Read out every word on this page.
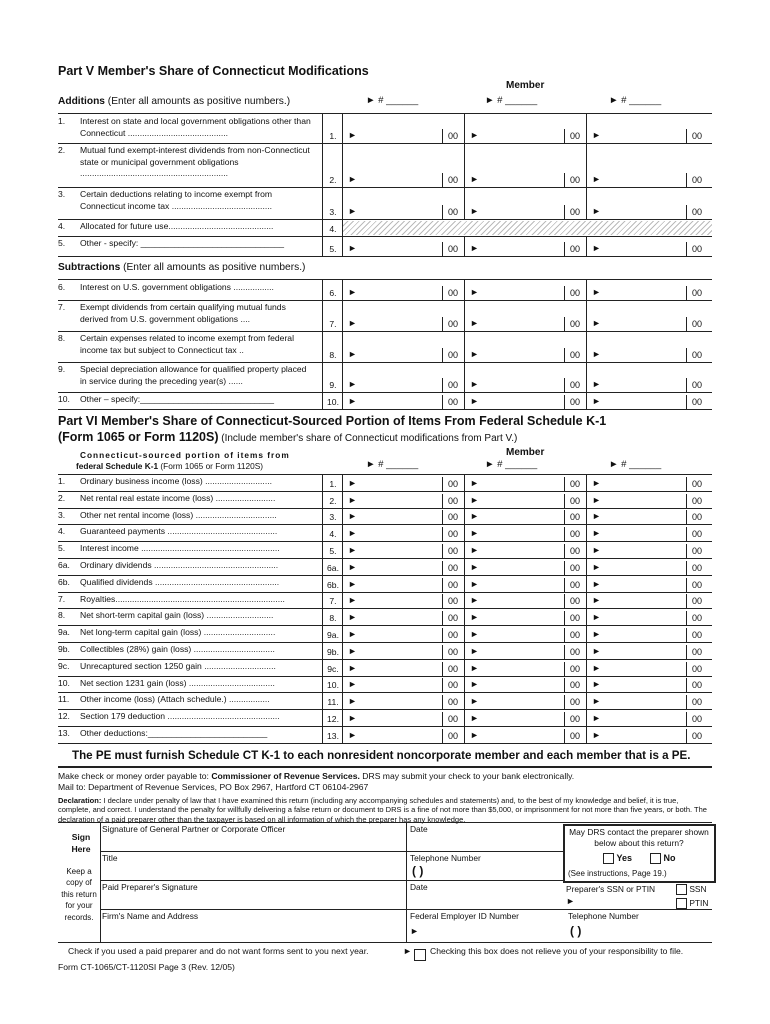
Part V Member's Share of Connecticut Modifications
Member
Additions (Enter all amounts as positive numbers.)
Part VI Member's Share of Connecticut-Sourced Portion of Items From Federal Schedule K-1
(Form 1065 or Form 1120S) (Include member's share of Connecticut modifications from Part V.)
Connecticut-sourced portion of items from
federal Schedule K-1 (Form 1065 or Form 1120S)
Member
The PE must furnish Schedule CT K-1 to each nonresident noncorporate member and each member that is a PE.
Make check or money order payable to: Commissioner of Revenue Services. DRS may submit your check to your bank electronically.
Mail to: Department of Revenue Services, PO Box 2967, Hartford CT 06104-2967
Declaration: I declare under penalty of law that I have examined this return (including any accompanying schedules and statements) and, to the best of my knowledge and belief, it is true, complete, and correct. I understand the penalty for willfully delivering a false return or document to DRS is a fine of not more than $5,000, or imprisonment for not more than five years, or both. The declaration of a paid preparer other than the taxpayer is based on all information of which the preparer has any knowledge.
Sign Here
Keep a copy of this return for your records.
Signature of General Partner or Corporate Officer	Date
Title	Telephone Number
( )
Paid Preparer's Signature	Date
Firm's Name and Address	Federal Employer ID Number
►
Telephone Number
( )
May DRS contact the preparer shown below about this return?
Yes	No
(See instructions, Page 19.)
Preparer's SSN or PTIN
►
SSN
PTIN
Check if you used a paid preparer and do not want forms sent to you next year.	► Checking this box does not relieve you of your responsibility to file.
Form CT-1065/CT-1120SI Page 3 (Rev. 12/05)
► # ______	► # ______	► # ______
► # ______	► # ______	► # ______
1. Interest on state and local government obligations other than Connecticut ..........................................	1.	►	00 ►	00 ►	00
2. Mutual fund exempt-interest dividends from non-Connecticut state or municipal government obligations ..............................................................
2.	►	00 ►	00 ►	00
3. Certain deductions relating to income exempt from Connecticut income tax ..........................................
3.	►	00 ►	00 ►	00
4. Allocated for future use............................................	4.
5. Other - specify: ______________________________
5.	►	00 ►	00 ►	00
Subtractions (Enter all amounts as positive numbers.)
6. Interest on U.S. government obligations .................
6.	►	00 ►	00 ►	00
7. Exempt dividends from certain qualifying mutual funds derived from U.S. government obligations ....
7.	►	00 ►	00 ►	00
8. Certain expenses related to income exempt from federal income tax but subject to Connecticut tax ..
8.	►	00 ►	00 ►	00
9. Special depreciation allowance for qualified property placed in service during the preceding year(s) ......	9.	►	00 ►	00 ►	00
10. Other – specify:____________________________	10.	►	00 ►	00 ►	00
1. Ordinary business income (loss) ............................	1.	►	00 ►	00 ►	00
2. Net rental real estate income (loss) .........................	2.	►	00 ►	00 ►	00
3. Other net rental income (loss) ..................................	3.	►	00 ►	00 ►	00
4. Guaranteed payments ..............................................	4.	►	00 ►	00 ►	00
5. Interest income ..........................................................	5.	►	00 ►	00 ►	00
6a. Ordinary dividends ....................................................	6a.	►	00 ►	00 ►	00
6b. Qualified dividends ....................................................	6b.	►	00 ►	00 ►	00
7. Royalties.......................................................................	7.	►	00 ►	00 ►	00
8. Net short-term capital gain (loss) ............................	8.	►	00 ►	00 ►	00
9a. Net long-term capital gain (loss) ..............................	9a.	►	00 ►	00 ►	00
9b. Collectibles (28%) gain (loss) ..................................	9b.	►	00 ►	00 ►	00
9c. Unrecaptured section 1250 gain ..............................	9c.	►	00 ►	00 ►	00
10. Net section 1231 gain (loss) ....................................	10.	►	00 ►	00 ►	00
11. Other income (loss) (Attach schedule.) .................	11.	►	00 ►	00 ►	00
12. Section 179 deduction ...............................................	12.	►	00 ►	00 ►	00
13. Other deductions:_________________________	13.	►	00 ►	00 ►	00
